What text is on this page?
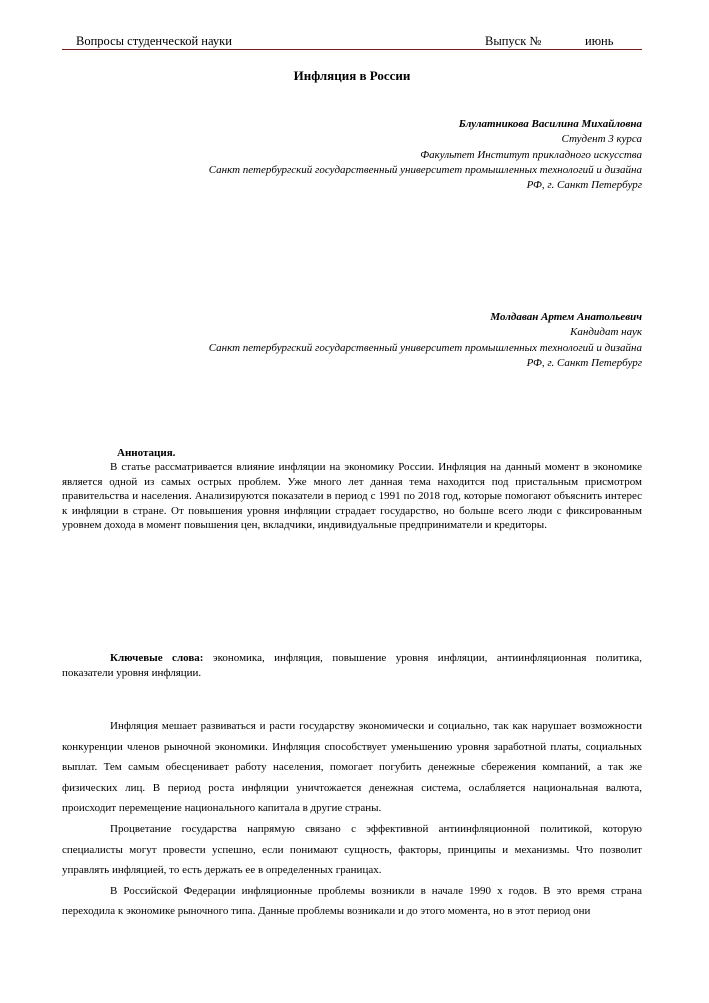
Вопросы студенческой науки	Выпуск №	июнь
Инфляция в России
Блулатникова Василина Михайловна
Студент 3 курса
Факультет Институт прикладного искусства
Санкт петербургский государственный университет промышленных технологий и дизайна
РФ, г. Санкт Петербург
Молдаван Артем Анатольевич
Кандидат наук
Санкт петербургский государственный университет промышленных технологий и дизайна
РФ, г. Санкт Петербург
Аннотация.

В статье рассматривается влияние инфляции на экономику России. Инфляция на данный момент в экономике является одной из самых острых проблем. Уже много лет данная тема находится под пристальным присмотром правительства и населения. Анализируются показатели в период с 1991 по 2018 год, которые помогают объяснить интерес к инфляции в стране. От повышения уровня инфляции страдает государство, но больше всего люди с фиксированным уровнем дохода в момент повышения цен, вкладчики, индивидуальные предприниматели и кредиторы.

Ключевые слова: экономика, инфляция, повышение уровня инфляции, антиинфляционная политика, показатели уровня инфляции.

Инфляция мешает развиваться и расти государству экономически и социально, так как нарушает возможности конкуренции членов рыночной экономики. Инфляция способствует уменьшению уровня заработной платы, социальных выплат. Тем самым обесценивает работу населения, помогает погубить денежные сбережения компаний, а так же физических лиц. В период роста инфляции уничтожается денежная система, ослабляется национальная валюта, происходит перемещение национального капитала в другие страны.

Процветание государства напрямую связано с эффективной антиинфляционной политикой, которую специалисты могут провести успешно, если понимают сущность, факторы, принципы и механизмы. Что позволит управлять инфляцией, то есть держать ее в определенных границах.

В Российской Федерации инфляционные проблемы возникли в начале 1990 х годов. В это время страна переходила к экономике рыночного типа. Данные проблемы возникали и до этого момента, но в этот период они
